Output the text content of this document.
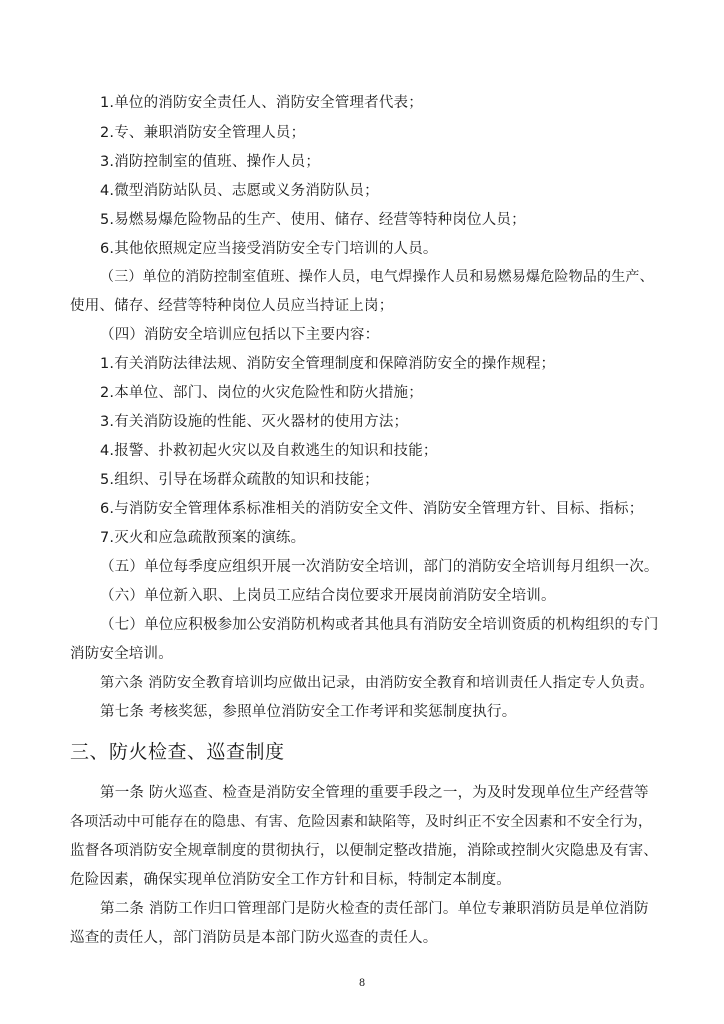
1.单位的消防安全责任人、消防安全管理者代表；
2.专、兼职消防安全管理人员；
3.消防控制室的值班、操作人员；
4.微型消防站队员、志愿或义务消防队员；
5.易燃易爆危险物品的生产、使用、储存、经营等特种岗位人员；
6.其他依照规定应当接受消防安全专门培训的人员。
（三）单位的消防控制室值班、操作人员，电气焊操作人员和易燃易爆危险物品的生产、
使用、储存、经营等特种岗位人员应当持证上岗；
（四）消防安全培训应包括以下主要内容：
1.有关消防法律法规、消防安全管理制度和保障消防安全的操作规程；
2.本单位、部门、岗位的火灾危险性和防火措施；
3.有关消防设施的性能、灭火器材的使用方法；
4.报警、扑救初起火灾以及自救逃生的知识和技能；
5.组织、引导在场群众疏散的知识和技能；
6.与消防安全管理体系标准相关的消防安全文件、消防安全管理方针、目标、指标；
7.灭火和应急疏散预案的演练。
（五）单位每季度应组织开展一次消防安全培训，部门的消防安全培训每月组织一次。
（六）单位新入职、上岗员工应结合岗位要求开展岗前消防安全培训。
（七）单位应积极参加公安消防机构或者其他具有消防安全培训资质的机构组织的专门
消防安全培训。
第六条 消防安全教育培训均应做出记录，由消防安全教育和培训责任人指定专人负责。
第七条 考核奖惩，参照单位消防安全工作考评和奖惩制度执行。
三、防火检查、巡查制度
第一条 防火巡查、检查是消防安全管理的重要手段之一，为及时发现单位生产经营等
各项活动中可能存在的隐患、有害、危险因素和缺陷等，及时纠正不安全因素和不安全行为，
监督各项消防安全规章制度的贯彻执行，以便制定整改措施，消除或控制火灾隐患及有害、
危险因素，确保实现单位消防安全工作方针和目标，特制定本制度。
第二条 消防工作归口管理部门是防火检查的责任部门。单位专兼职消防员是单位消防
巡查的责任人，部门消防员是本部门防火巡查的责任人。
8
